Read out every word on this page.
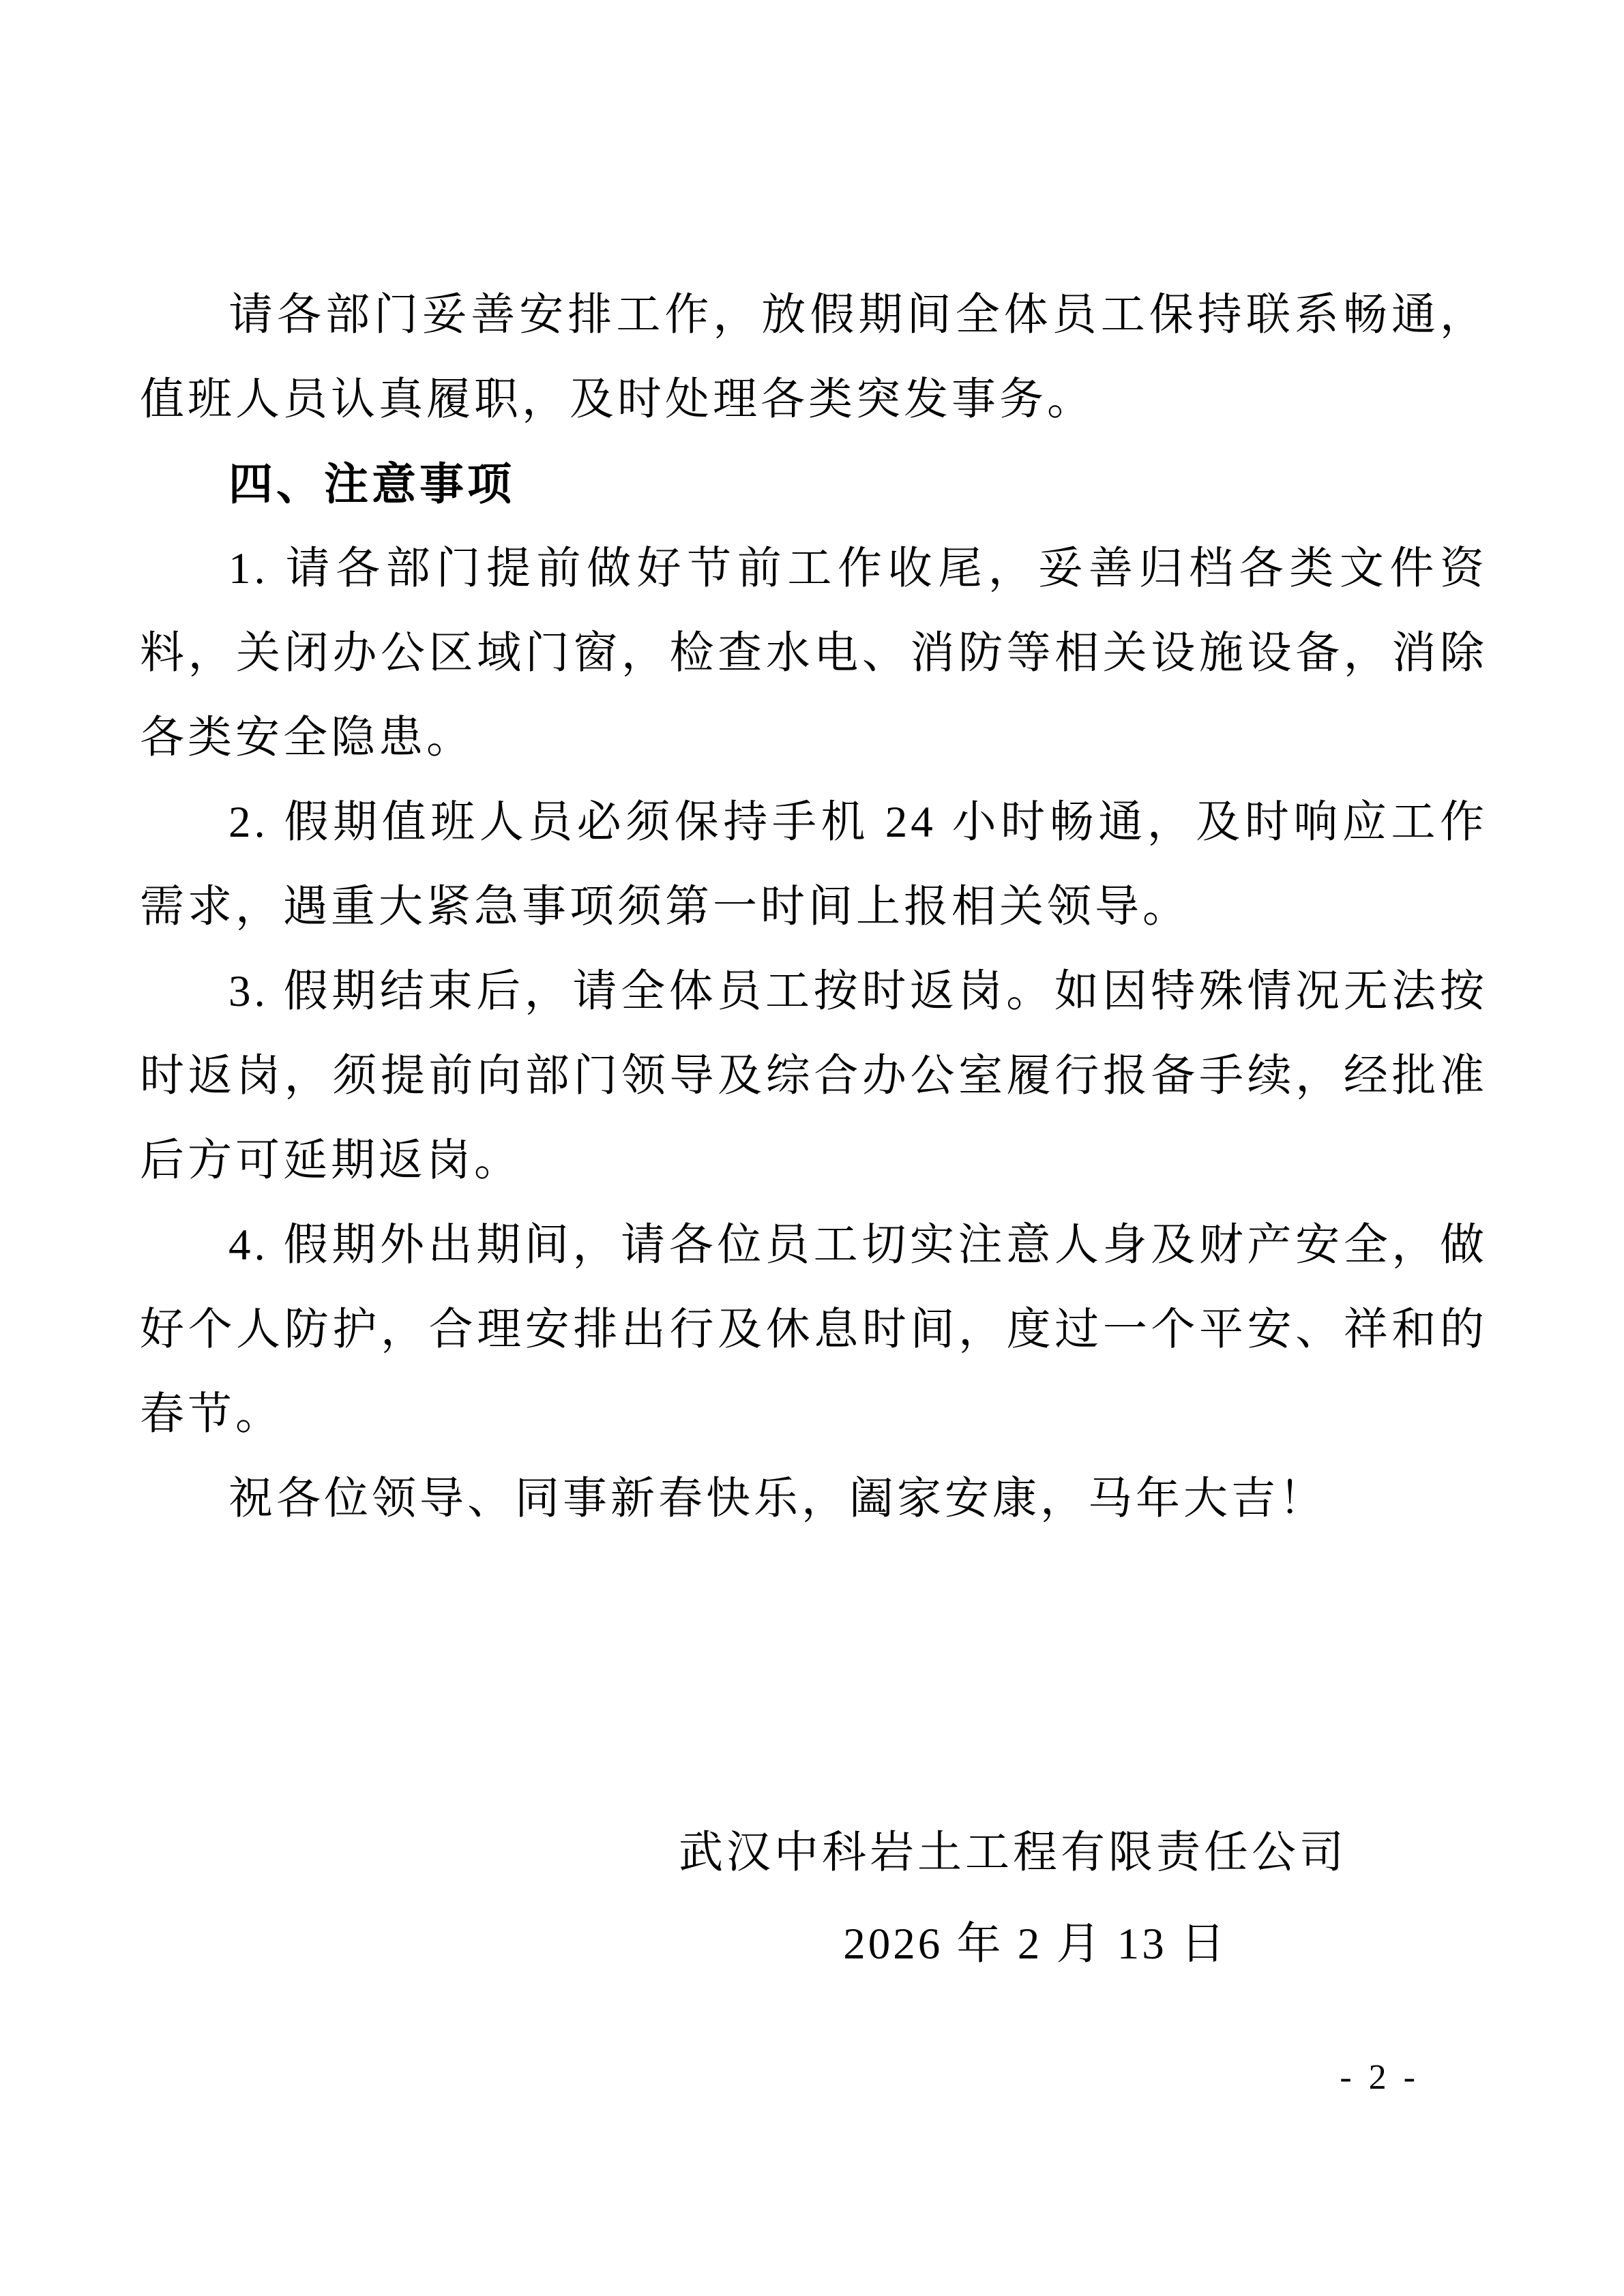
请各部门妥善安排工作，放假期间全体员工保持联系畅通，值班人员认真履职，及时处理各类突发事务。

四、注意事项

1. 请各部门提前做好节前工作收尾，妥善归档各类文件资料，关闭办公区域门窗，检查水电、消防等相关设施设备，消除各类安全隐患。

2. 假期值班人员必须保持手机 24 小时畅通，及时响应工作需求，遇重大紧急事项须第一时间上报相关领导。

3. 假期结束后，请全体员工按时返岗。如因特殊情况无法按时返岗，须提前向部门领导及综合办公室履行报备手续，经批准后方可延期返岗。

4. 假期外出期间，请各位员工切实注意人身及财产安全，做好个人防护，合理安排出行及休息时间，度过一个平安、祥和的春节。

祝各位领导、同事新春快乐，阖家安康，马年大吉！

武汉中科岩土工程有限责任公司

2026 年 2 月 13 日

- 2 -
